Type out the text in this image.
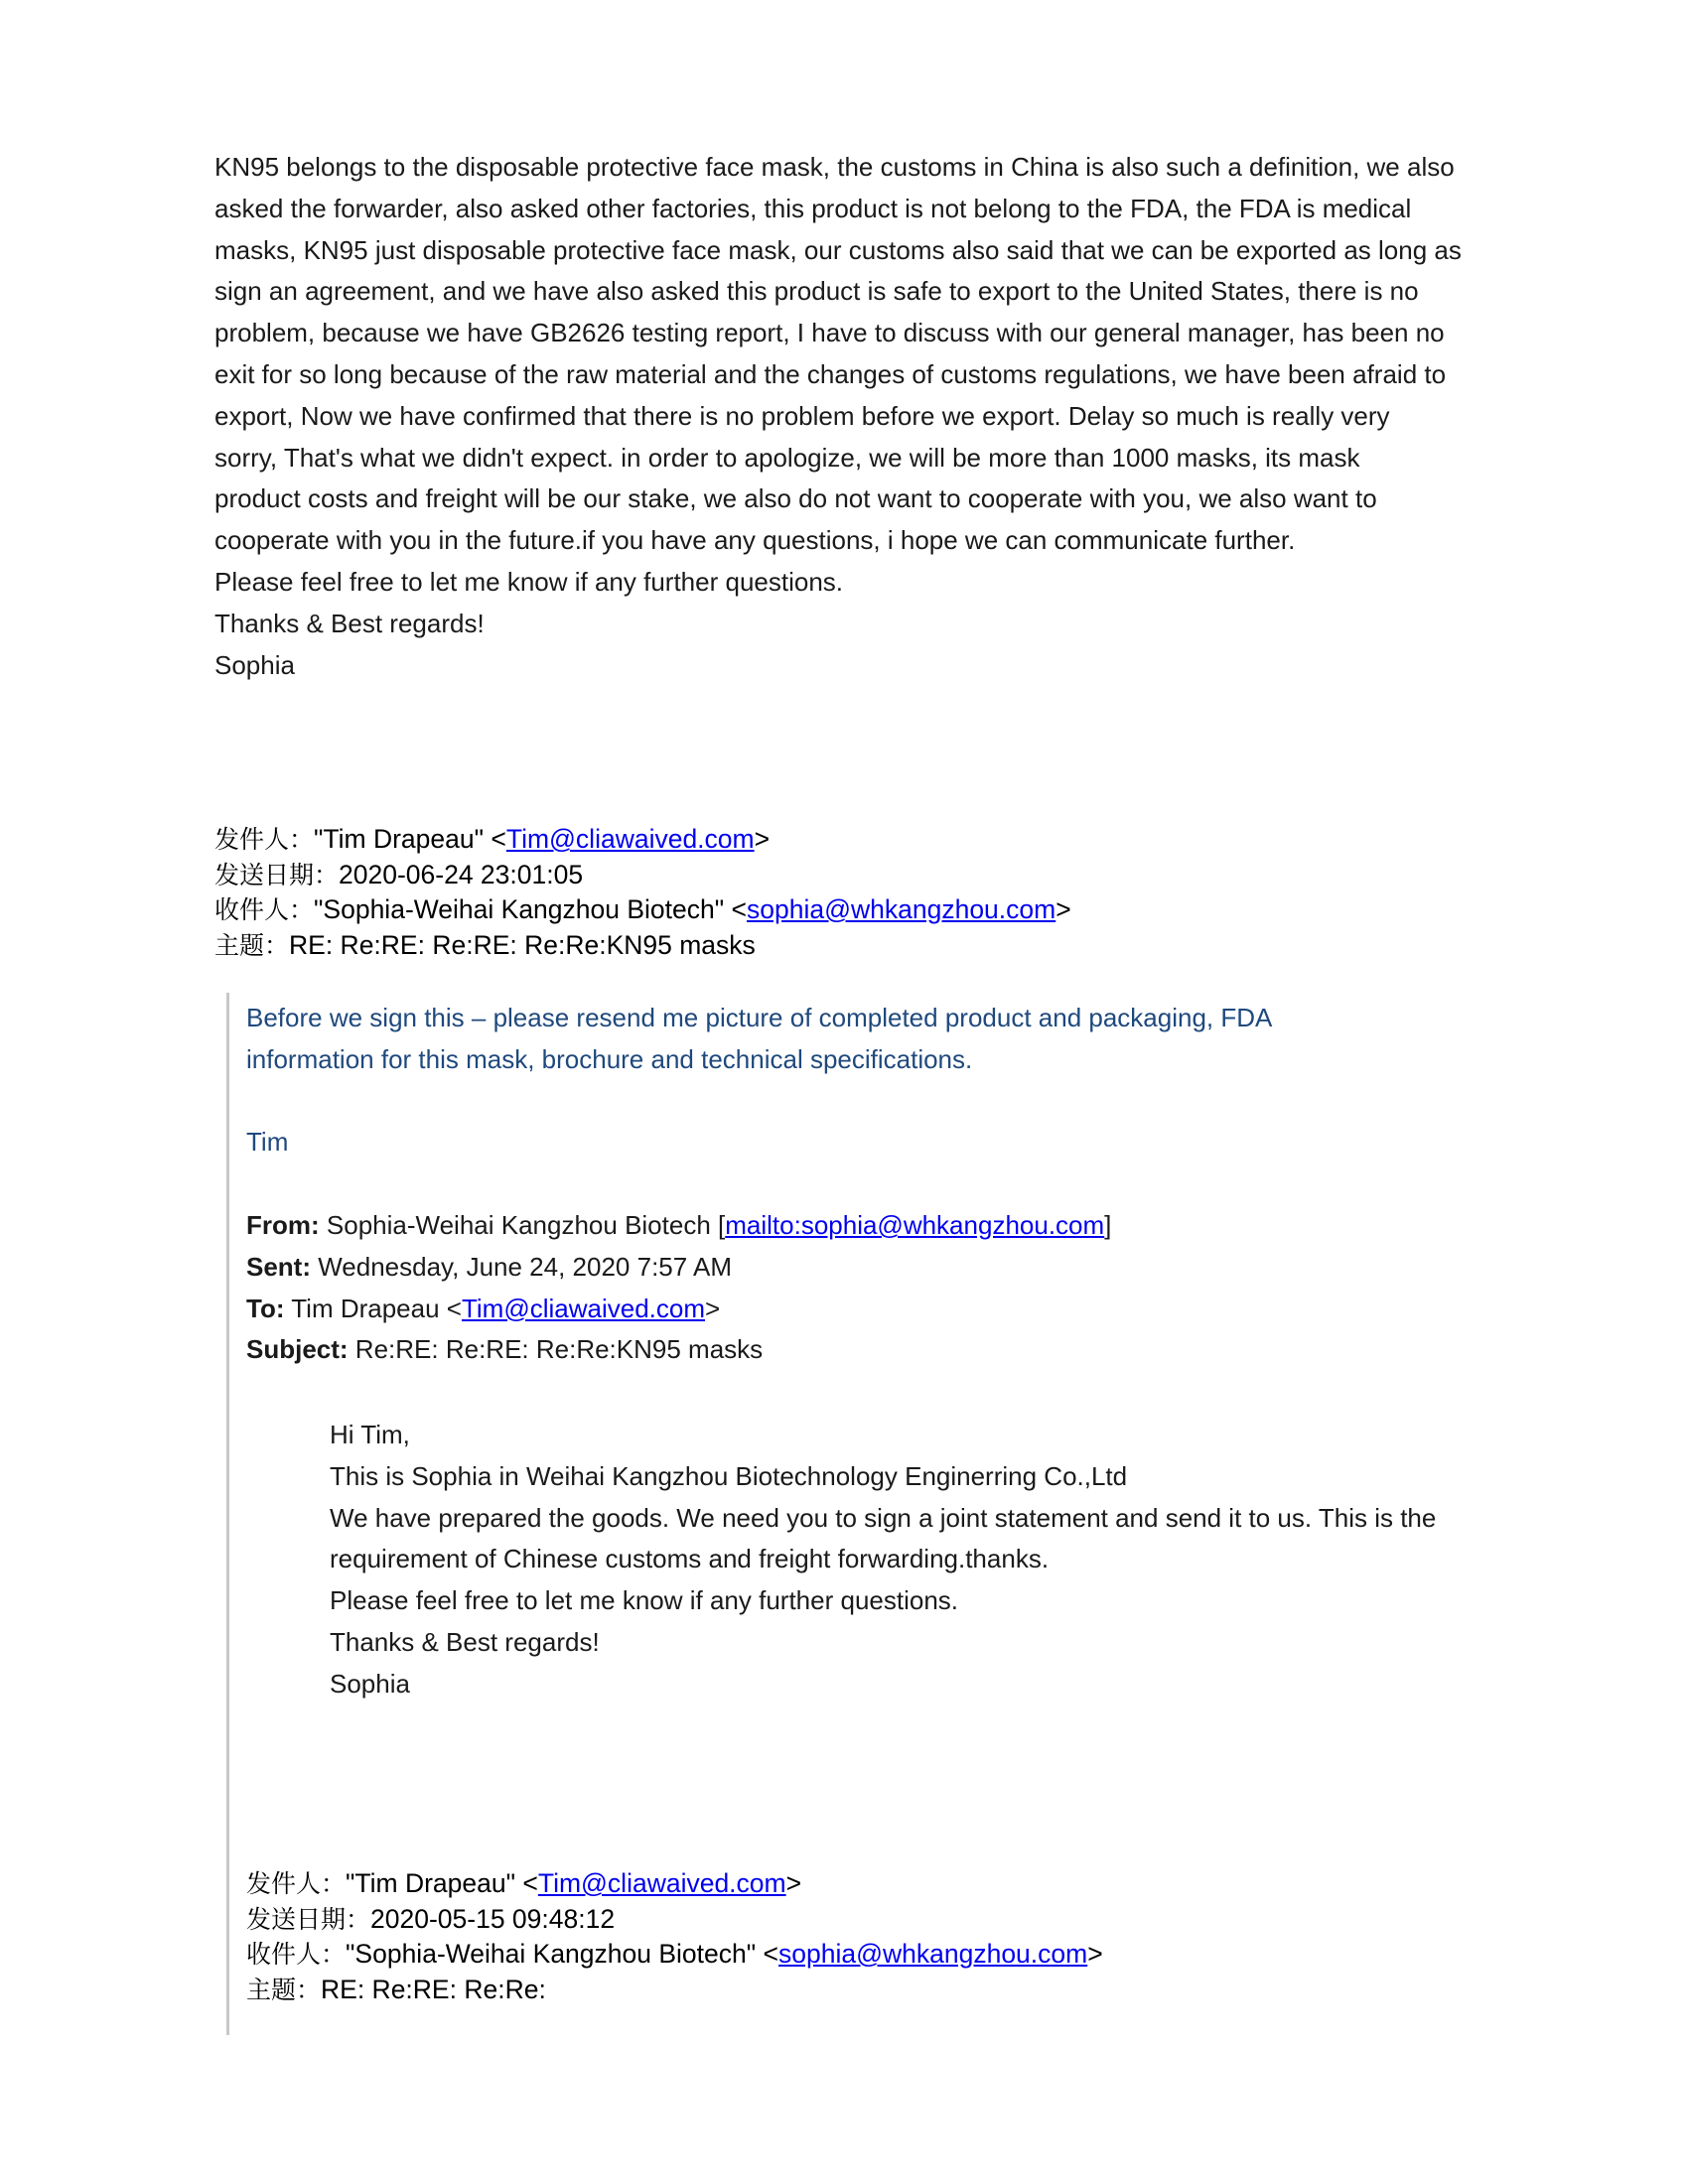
KN95 belongs to the disposable protective face mask, the customs in China is also such a definition, we also

asked the forwarder, also asked other factories, this product is not belong to the FDA, the FDA is medical

masks, KN95 just disposable protective face mask, our customs also said that we can be exported as long as

sign an agreement, and we have also asked this product is safe to export to the United States, there is no

problem, because we have GB2626 testing report, I have to discuss with our general manager, has been no

exit for so long because of the raw material and the changes of customs regulations, we have been afraid to

export, Now we have confirmed that there is no problem before we export. Delay so much is really very

sorry, That's what we didn't expect. in order to apologize, we will be more than 1000 masks, its mask

product costs and freight will be our stake, we also do not want to cooperate with you, we also want to

cooperate with you in the future.if you have any questions, i hope we can communicate further.

Please feel free to let me know if any further questions.

Thanks & Best regards!

Sophia

发件人："Tim Drapeau" <Tim@cliawaived.com>
发送日期：2020-06-24 23:01:05
收件人："Sophia-Weihai Kangzhou Biotech" <sophia@whkangzhou.com>
主题：RE: Re:RE: Re:RE: Re:Re:KN95 masks

Before we sign this – please resend me picture of completed product and packaging, FDA

information for this mask, brochure and technical specifications.

Tim

From: Sophia-Weihai Kangzhou Biotech [mailto:sophia@whkangzhou.com]

Sent: Wednesday, June 24, 2020 7:57 AM

To: Tim Drapeau <Tim@cliawaived.com>

Subject: Re:RE: Re:RE: Re:Re:KN95 masks

Hi Tim,

This is Sophia in Weihai Kangzhou Biotechnology Enginerring Co.,Ltd

We have prepared the goods. We need you to sign a joint statement and send it to us. This is the

requirement of Chinese customs and freight forwarding.thanks.

Please feel free to let me know if any further questions.

Thanks & Best regards!

Sophia

发件人："Tim Drapeau" <Tim@cliawaived.com>
发送日期：2020-05-15 09:48:12
收件人："Sophia-Weihai Kangzhou Biotech" <sophia@whkangzhou.com>
主题：RE: Re:RE: Re:Re:
